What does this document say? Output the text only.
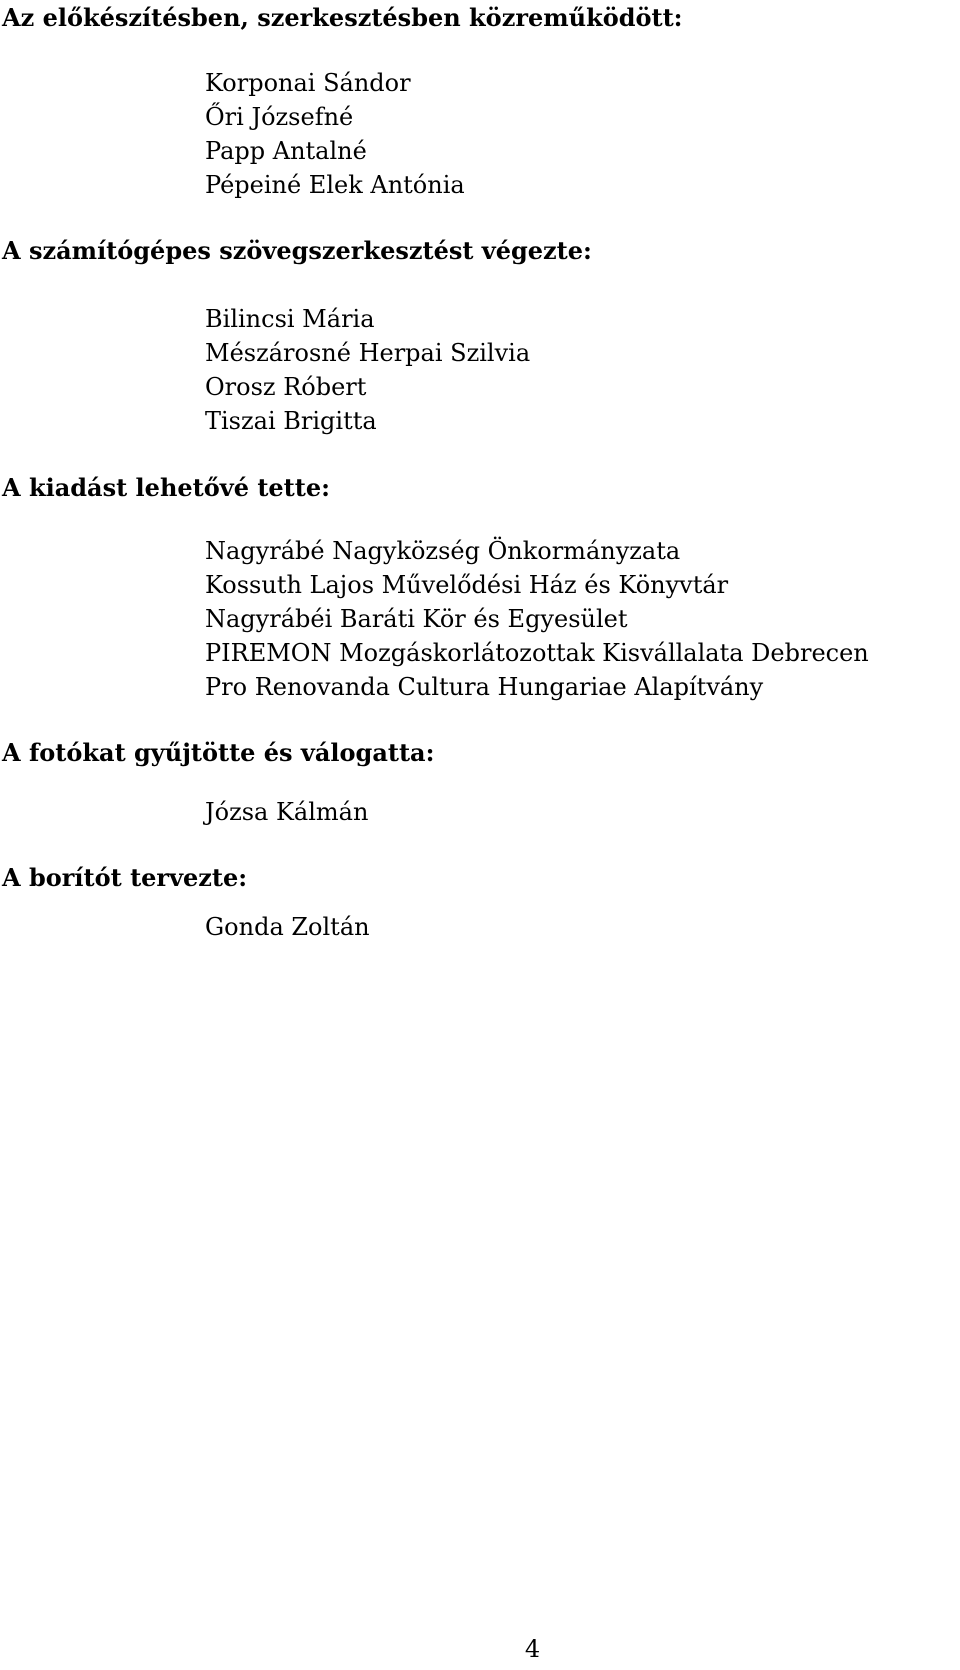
Az előkészítésben, szerkesztésben közreműködött:
Korponai Sándor
Őri Józsefné
Papp Antalné
Pépeiné Elek Antónia
A számítógépes szövegszerkesztést végezte:
Bilincsi Mária
Mészárosné Herpai Szilvia
Orosz Róbert
Tiszai Brigitta
A kiadást lehetővé tette:
Nagyrábé Nagyközség Önkormányzata
Kossuth Lajos Művelődési Ház és Könyvtár
Nagyrábéi Baráti Kör és Egyesület
PIREMON Mozgáskorlátozottak Kisvállalata Debrecen
Pro Renovanda Cultura Hungariae Alapítvány
A fotókat gyűjtötte és válogatta:
Józsa Kálmán
A borítót tervezte:
Gonda Zoltán
4
